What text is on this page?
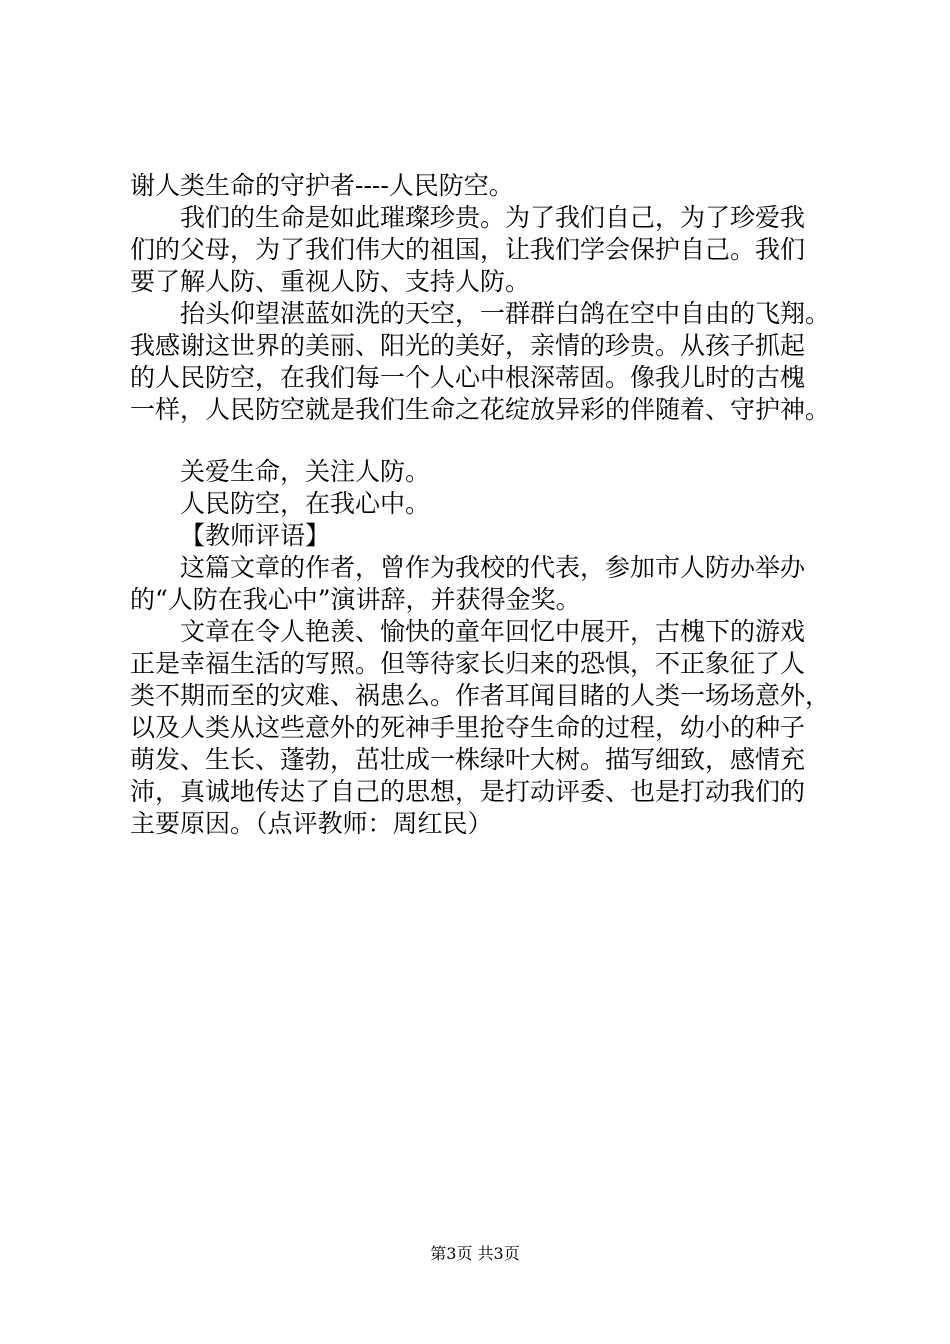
谢人类生命的守护者----人民防空。
我们的生命是如此璀璨珍贵。为了我们自己，为了珍爱我
们的父母，为了我们伟大的祖国，让我们学会保护自己。我们
要了解人防、重视人防、支持人防。
抬头仰望湛蓝如洗的天空，一群群白鸽在空中自由的飞翔。
我感谢这世界的美丽、阳光的美好，亲情的珍贵。从孩子抓起
的人民防空，在我们每一个人心中根深蒂固。像我儿时的古槐
一样，人民防空就是我们生命之花绽放异彩的伴随着、守护神。
关爱生命，关注人防。
人民防空，在我心中。
【教师评语】
这篇文章的作者，曾作为我校的代表，参加市人防办举办
的“人防在我心中”演讲辞，并获得金奖。
文章在令人艳羡、愉快的童年回忆中展开，古槐下的游戏
正是幸福生活的写照。但等待家长归来的恐惧，不正象征了人
类不期而至的灾难、祸患么。作者耳闻目睹的人类一场场意外，
以及人类从这些意外的死神手里抢夺生命的过程，幼小的种子
萌发、生长、蓬勃，茁壮成一株绿叶大树。描写细致，感情充
沛，真诚地传达了自己的思想，是打动评委、也是打动我们的
主要原因。（点评教师：周红民）
第3页 共3页
